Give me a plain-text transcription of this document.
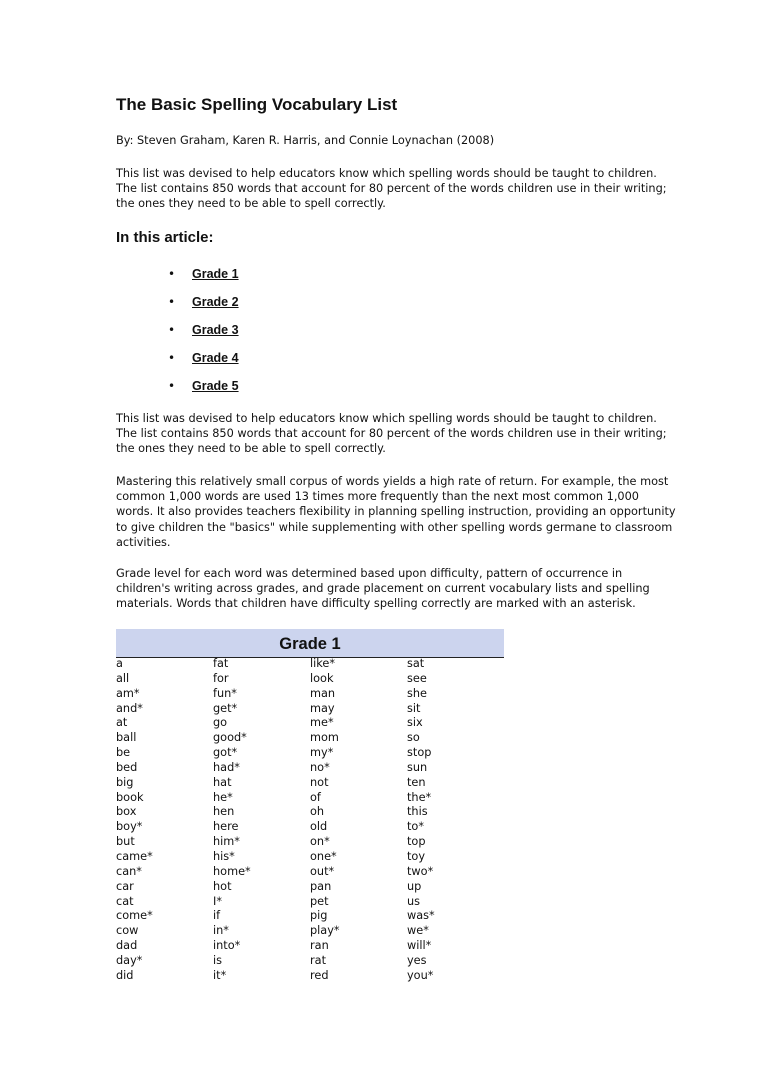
The Basic Spelling Vocabulary List
By: Steven Graham, Karen R. Harris, and Connie Loynachan (2008)

This list was devised to help educators know which spelling words should be taught to children.
The list contains 850 words that account for 80 percent of the words children use in their writing;
the ones they need to be able to spell correctly.

In this article:
• Grade 1
• Grade 2
• Grade 3
• Grade 4
• Grade 5

This list was devised to help educators know which spelling words should be taught to children.
The list contains 850 words that account for 80 percent of the words children use in their writing;
the ones they need to be able to spell correctly.

Mastering this relatively small corpus of words yields a high rate of return. For example, the most
common 1,000 words are used 13 times more frequently than the next most common 1,000
words. It also provides teachers flexibility in planning spelling instruction, providing an opportunity
to give children the "basics" while supplementing with other spelling words germane to classroom
activities.

Grade level for each word was determined based upon difficulty, pattern of occurrence in
children's writing across grades, and grade placement on current vocabulary lists and spelling
materials. Words that children have difficulty spelling correctly are marked with an asterisk.

Grade 1
a
all
am*
and*
at
ball
be
bed
big
book
box
boy*
but
came*
can*
car
cat
come*
cow
dad
day*
did
fat
for
fun*
get*
go
good*
got*
had*
hat
he*
hen
here
him*
his*
home*
hot
I*
if
in*
into*
is
it*
like*
look
man
may
me*
mom
my*
no*
not
of
oh
old
on*
one*
out*
pan
pet
pig
play*
ran
rat
red
sat
see
she
sit
six
so
stop
sun
ten
the*
this
to*
top
toy
two*
up
us
was*
we*
will*
yes
you*
